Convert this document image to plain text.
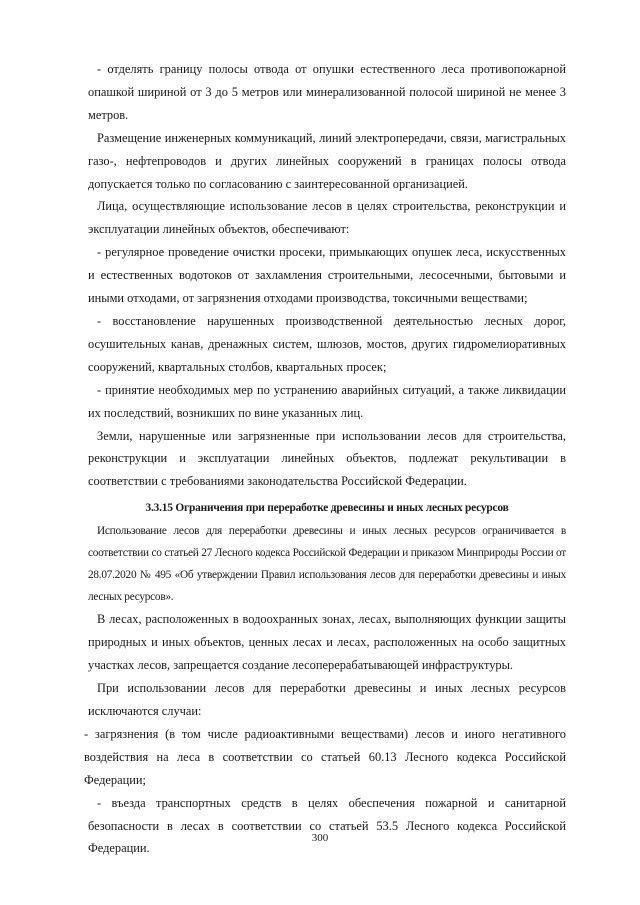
- отделять границу полосы отвода от опушки естественного леса противопожарной опашкой шириной от 3 до 5 метров или минерализованной полосой шириной не менее 3 метров.

Размещение инженерных коммуникаций, линий электропередачи, связи, магистральных газо-, нефтепроводов и других линейных сооружений в границах полосы отвода допускается только по согласованию с заинтересованной организацией.

Лица, осуществляющие использование лесов в целях строительства, реконструкции и эксплуатации линейных объектов, обеспечивают:

- регулярное проведение очистки просеки, примыкающих опушек леса, искусственных и естественных водотоков от захламления строительными, лесосечными, бытовыми и иными отходами, от загрязнения отходами производства, токсичными веществами;

- восстановление нарушенных производственной деятельностью лесных дорог, осушительных канав, дренажных систем, шлюзов, мостов, других гидромелиоративных сооружений, квартальных столбов, квартальных просек;

- принятие необходимых мер по устранению аварийных ситуаций, а также ликвидации их последствий, возникших по вине указанных лиц.

Земли, нарушенные или загрязненные при использовании лесов для строительства, реконструкции и эксплуатации линейных объектов, подлежат рекультивации в соответствии с требованиями законодательства Российской Федерации.

3.3.15 Ограничения при переработке древесины и иных лесных ресурсов

Использование лесов для переработки древесины и иных лесных ресурсов ограничивается в соответствии со статьей 27 Лесного кодекса Российской Федерации и приказом Минприроды России от 28.07.2020 № 495 «Об утверждении Правил использования лесов для переработки древесины и иных лесных ресурсов».

В лесах, расположенных в водоохранных зонах, лесах, выполняющих функции защиты природных и иных объектов, ценных лесах и лесах, расположенных на особо защитных участках лесов, запрещается создание лесоперерабатывающей инфраструктуры.

При использовании лесов для переработки древесины и иных лесных ресурсов исключаются случаи:

- загрязнения (в том числе радиоактивными веществами) лесов и иного негативного воздействия на леса в соответствии со статьей 60.13 Лесного кодекса Российской Федерации;

- въезда транспортных средств в целях обеспечения пожарной и санитарной безопасности в лесах в соответствии со статьей 53.5 Лесного кодекса Российской Федерации.

300
